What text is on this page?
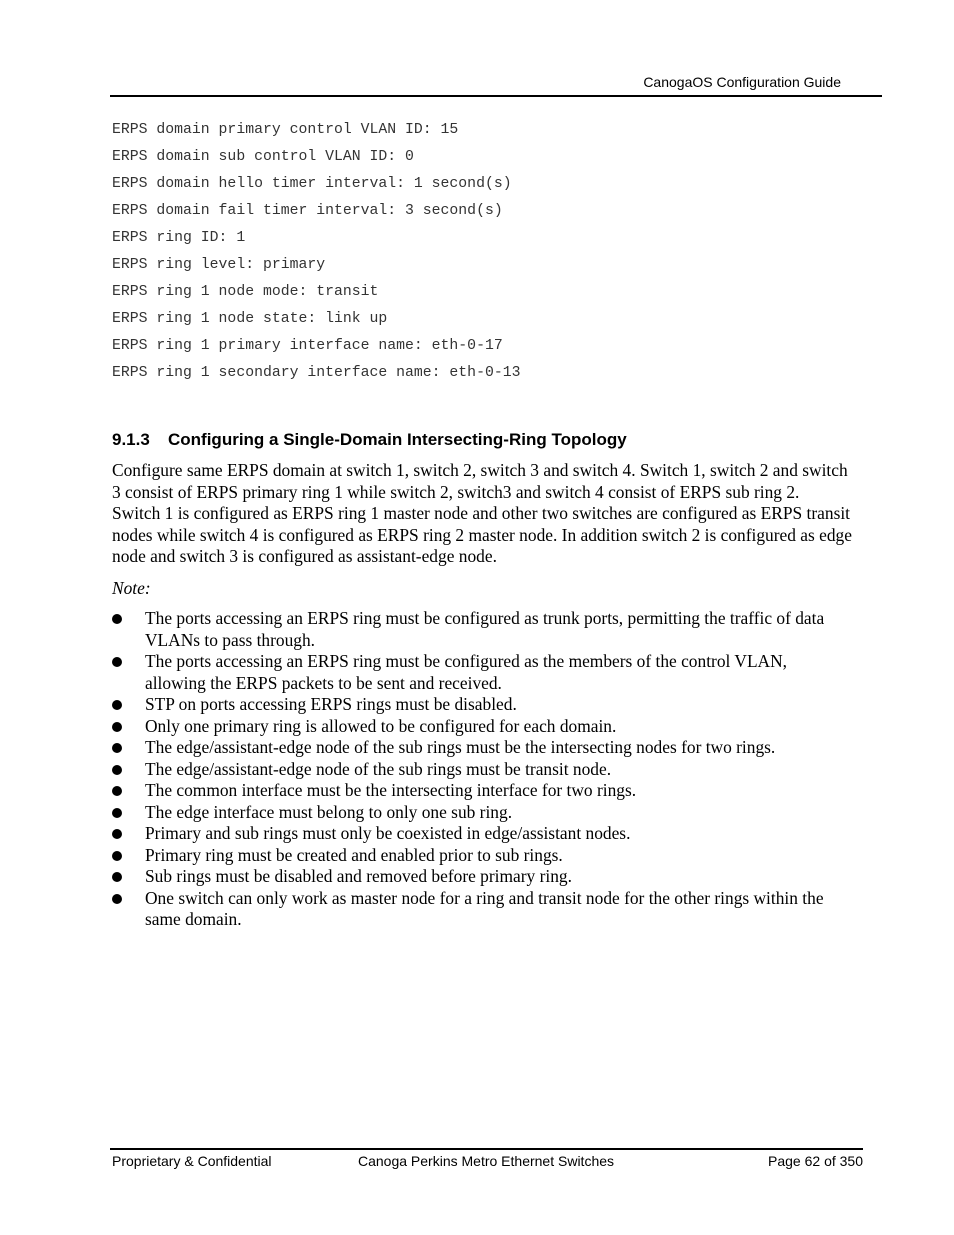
CanogaOS Configuration Guide
ERPS domain primary control VLAN ID: 15
ERPS domain sub control VLAN ID: 0
ERPS domain hello timer interval: 1 second(s)
ERPS domain fail timer interval: 3 second(s)
ERPS ring ID: 1
ERPS ring level: primary
ERPS ring 1 node mode: transit
ERPS ring 1 node state: link up
ERPS ring 1 primary interface name: eth-0-17
ERPS ring 1 secondary interface name: eth-0-13
9.1.3 Configuring a Single-Domain Intersecting-Ring Topology
Configure same ERPS domain at switch 1, switch 2, switch 3 and switch 4. Switch 1, switch 2 and switch 3 consist of ERPS primary ring 1 while switch 2, switch3 and switch 4 consist of ERPS sub ring 2. Switch 1 is configured as ERPS ring 1 master node and other two switches are configured as ERPS transit nodes while switch 4 is configured as ERPS ring 2 master node. In addition switch 2 is configured as edge node and switch 3 is configured as assistant-edge node.
Note:
The ports accessing an ERPS ring must be configured as trunk ports, permitting the traffic of data VLANs to pass through.
The ports accessing an ERPS ring must be configured as the members of the control VLAN, allowing the ERPS packets to be sent and received.
STP on ports accessing ERPS rings must be disabled.
Only one primary ring is allowed to be configured for each domain.
The edge/assistant-edge node of the sub rings must be the intersecting nodes for two rings.
The edge/assistant-edge node of the sub rings must be transit node.
The common interface must be the intersecting interface for two rings.
The edge interface must belong to only one sub ring.
Primary and sub rings must only be coexisted in edge/assistant nodes.
Primary ring must be created and enabled prior to sub rings.
Sub rings must be disabled and removed before primary ring.
One switch can only work as master node for a ring and transit node for the other rings within the same domain.
Proprietary & Confidential	Canoga Perkins Metro Ethernet Switches	Page 62 of 350
